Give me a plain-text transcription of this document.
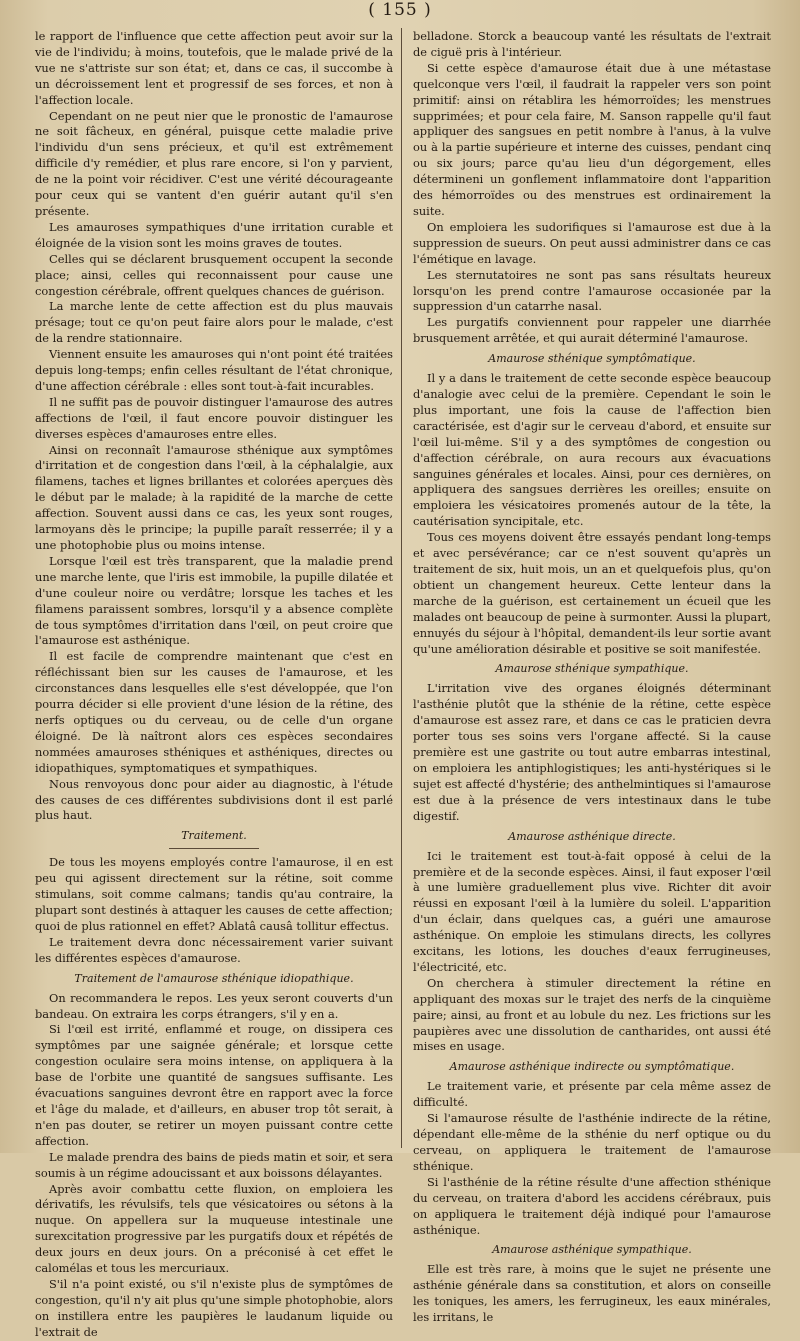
( 155 )

le rapport de l'influence que cette affection peut avoir sur la vie de l'individu; à moins, toutefois, que le malade privé de la vue ne s'attriste sur son état; et, dans ce cas, il succombe à un décroissement lent et progressif de ses forces, et non à l'affection locale.

Cependant on ne peut nier que le pronostic de l'amaurose ne soit fâcheux, en général, puisque cette maladie prive l'individu d'un sens précieux, et qu'il est extrêmement difficile d'y remédier, et plus rare encore, si l'on y parvient, de ne la point voir récidiver. C'est une vérité décourageante pour ceux qui se vantent d'en guérir autant qu'il s'en présente.

Les amauroses sympathiques d'une irritation curable et éloignée de la vision sont les moins graves de toutes.

Celles qui se déclarent brusquement occupent la seconde place; ainsi, celles qui reconnaissent pour cause une congestion cérébrale, offrent quelques chances de guérison.

La marche lente de cette affection est du plus mauvais présage; tout ce qu'on peut faire alors pour le malade, c'est de la rendre stationnaire.

Viennent ensuite les amauroses qui n'ont point été traitées depuis long-temps; enfin celles résultant de l'état chronique, d'une affection cérébrale : elles sont tout-à-fait incurables.

Il ne suffit pas de pouvoir distinguer l'amaurose des autres affections de l'œil, il faut encore pouvoir distinguer les diverses espèces d'amauroses entre elles.

Ainsi on reconnaît l'amaurose sthénique aux symptômes d'irritation et de congestion dans l'œil, à la céphalalgie, aux filamens, taches et lignes brillantes et colorées aperçues dès le début par le malade; à la rapidité de la marche de cette affection. Souvent aussi dans ce cas, les yeux sont rouges, larmoyans dès le principe; la pupille paraît resserrée; il y a une photophobie plus ou moins intense.

Lorsque l'œil est très transparent, que la maladie prend une marche lente, que l'iris est immobile, la pupille dilatée et d'une couleur noire ou verdâtre; lorsque les taches et les filamens paraissent sombres, lorsqu'il y a absence complète de tous symptômes d'irritation dans l'œil, on peut croire que l'amaurose est asthénique.

Il est facile de comprendre maintenant que c'est en réfléchissant bien sur les causes de l'amaurose, et les circonstances dans lesquelles elle s'est développée, que l'on pourra décider si elle provient d'une lésion de la rétine, des nerfs optiques ou du cerveau, ou de celle d'un organe éloigné. De là naîtront alors ces espèces secondaires nommées amauroses sthéniques et asthéniques, directes ou idiopathiques, symptomatiques et sympathiques.

Nous renvoyous donc pour aider au diagnostic, à l'étude des causes de ces différentes subdivisions dont il est parlé plus haut.

Traitement.

De tous les moyens employés contre l'amaurose, il en est peu qui agissent directement sur la rétine, soit comme stimulans, soit comme calmans; tandis qu'au contraire, la plupart sont destinés à attaquer les causes de cette affection; quoi de plus rationnel en effet? Ablatâ causâ tollitur effectus.

Le traitement devra donc nécessairement varier suivant les différentes espèces d'amaurose.

Traitement de l'amaurose sthénique idiopathique.

On recommandera le repos. Les yeux seront couverts d'un bandeau. On extraira les corps étrangers, s'il y en a.

Si l'œil est irrité, enflammé et rouge, on dissipera ces symptômes par une saignée générale; et lorsque cette congestion oculaire sera moins intense, on appliquera à la base de l'orbite une quantité de sangsues suffisante. Les évacuations sanguines devront être en rapport avec la force et l'âge du malade, et d'ailleurs, en abuser trop tôt serait, à n'en pas douter, se retirer un moyen puissant contre cette affection.

Le malade prendra des bains de pieds matin et soir, et sera soumis à un régime adoucissant et aux boissons délayantes.

Après avoir combattu cette fluxion, on emploiera les dérivatifs, les révulsifs, tels que vésicatoires ou sétons à la nuque. On appellera sur la muqueuse intestinale une surexcitation progressive par les purgatifs doux et répétés de deux jours en deux jours. On a préconisé à cet effet le calomélas et tous les mercuriaux.

S'il n'a point existé, ou s'il n'existe plus de symptômes de congestion, qu'il n'y ait plus qu'une simple photophobie, alors on instillera entre les paupières le laudanum liquide ou l'extrait de

belladone. Storck a beaucoup vanté les résultats de l'extrait de ciguë pris à l'intérieur.

Si cette espèce d'amaurose était due à une métastase quelconque vers l'œil, il faudrait la rappeler vers son point primitif: ainsi on rétablira les hémorroïdes; les menstrues supprimées; et pour cela faire, M. Sanson rappelle qu'il faut appliquer des sangsues en petit nombre à l'anus, à la vulve ou à la partie supérieure et interne des cuisses, pendant cinq ou six jours; parce qu'au lieu d'un dégorgement, elles détermineni un gonflement inflammatoire dont l'apparition des hémorroïdes ou des menstrues est ordinairement la suite.

On emploiera les sudorifiques si l'amaurose est due à la suppression de sueurs. On peut aussi administrer dans ce cas l'émétique en lavage.

Les sternutatoires ne sont pas sans résultats heureux lorsqu'on les prend contre l'amaurose occasionée par la suppression d'un catarrhe nasal.

Les purgatifs conviennent pour rappeler une diarrhée brusquement arrêtée, et qui aurait déterminé l'amaurose.

Amaurose sthénique symptômatique.

Il y a dans le traitement de cette seconde espèce beaucoup d'analogie avec celui de la première. Cependant le soin le plus important, une fois la cause de l'affection bien caractérisée, est d'agir sur le cerveau d'abord, et ensuite sur l'œil lui-même. S'il y a des symptômes de congestion ou d'affection cérébrale, on aura recours aux évacuations sanguines générales et locales. Ainsi, pour ces dernières, on appliquera des sangsues derrières les oreilles; ensuite on emploiera les vésicatoires promenés autour de la tête, la cautérisation syncipitale, etc.

Tous ces moyens doivent être essayés pendant long-temps et avec persévérance; car ce n'est souvent qu'après un traitement de six, huit mois, un an et quelquefois plus, qu'on obtient un changement heureux. Cette lenteur dans la marche de la guérison, est certainement un écueil que les malades ont beaucoup de peine à surmonter. Aussi la plupart, ennuyés du séjour à l'hôpital, demandent-ils leur sortie avant qu'une amélioration désirable et positive se soit manifestée.

Amaurose sthénique sympathique.

L'irritation vive des organes éloignés déterminant l'asthénie plutôt que la sthénie de la rétine, cette espèce d'amaurose est assez rare, et dans ce cas le praticien devra porter tous ses soins vers l'organe affecté. Si la cause première est une gastrite ou tout autre embarras intestinal, on emploiera les antiphlogistiques; les anti-hystériques si le sujet est affecté d'hystérie; des anthelmintiques si l'amaurose est due à la présence de vers intestinaux dans le tube digestif.

Amaurose asthénique directe.

Ici le traitement est tout-à-fait opposé à celui de la première et de la seconde espèces. Ainsi, il faut exposer l'œil à une lumière graduellement plus vive. Richter dit avoir réussi en exposant l'œil à la lumière du soleil. L'apparition d'un éclair, dans quelques cas, a guéri une amaurose asthénique. On emploie les stimulans directs, les collyres excitans, les lotions, les douches d'eaux ferrugineuses, l'électricité, etc.

On cherchera à stimuler directement la rétine en appliquant des moxas sur le trajet des nerfs de la cinquième paire; ainsi, au front et au lobule du nez. Les frictions sur les paupières avec une dissolution de cantharides, ont aussi été mises en usage.

Amaurose asthénique indirecte ou symptômatique.

Le traitement varie, et présente par cela même assez de difficulté.

Si l'amaurose résulte de l'asthénie indirecte de la rétine, dépendant elle-même de la sthénie du nerf optique ou du cerveau, on appliquera le traitement de l'amaurose sthénique.

Si l'asthénie de la rétine résulte d'une affection sthénique du cerveau, on traitera d'abord les accidens cérébraux, puis on appliquera le traitement déjà indiqué pour l'amaurose asthénique.

Amaurose asthénique sympathique.

Elle est très rare, à moins que le sujet ne présente une asthénie générale dans sa constitution, et alors on conseille les toniques, les amers, les ferrugineux, les eaux minérales, les irritans, le
